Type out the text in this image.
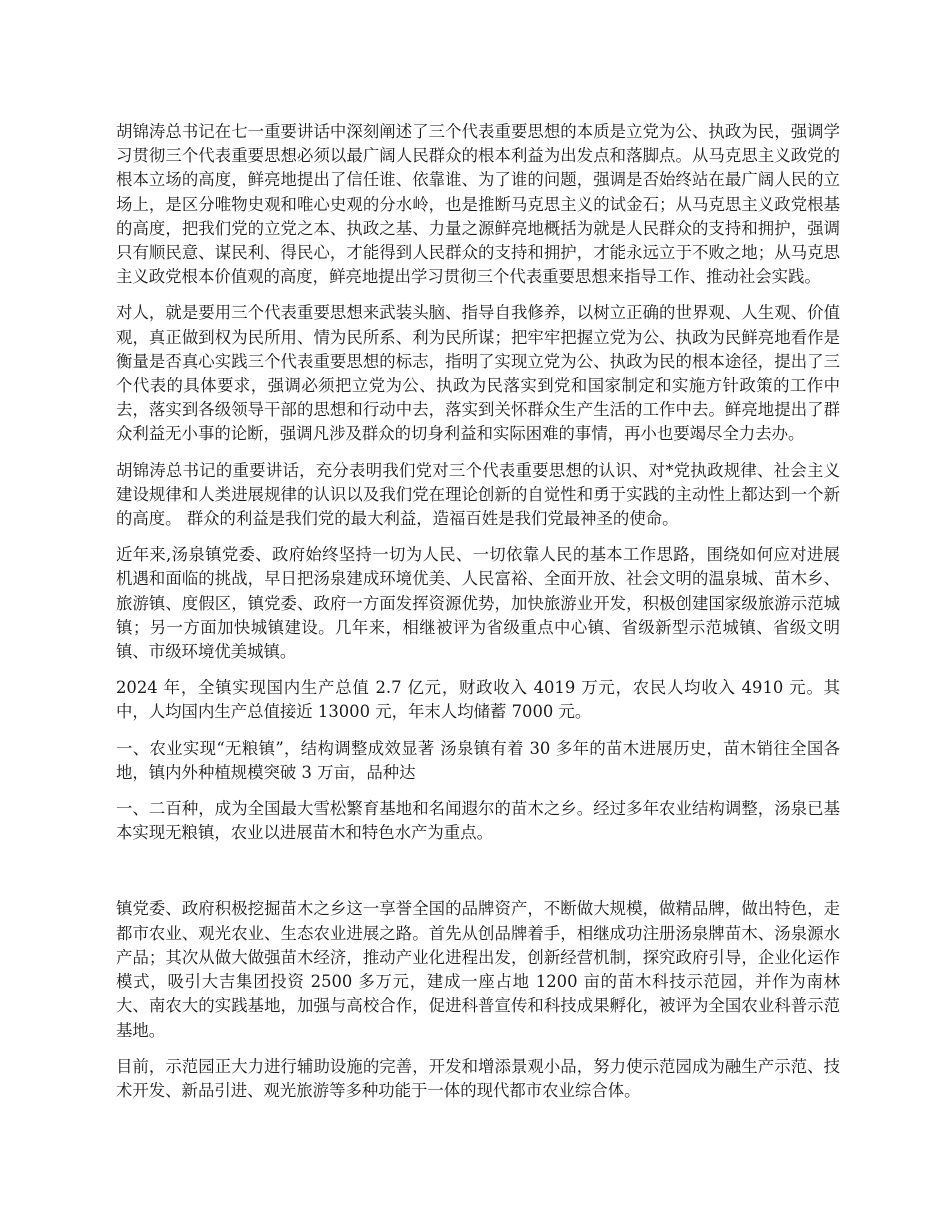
胡锦涛总书记在七一重要讲话中深刻阐述了三个代表重要思想的本质是立党为公、执政为民，强调学习贯彻三个代表重要思想必须以最广阔人民群众的根本利益为出发点和落脚点。从马克思主义政党的根本立场的高度，鲜亮地提出了信任谁、依靠谁、为了谁的问题，强调是否始终站在最广阔人民的立场上，是区分唯物史观和唯心史观的分水岭，也是推断马克思主义的试金石；从马克思主义政党根基的高度，把我们党的立党之本、执政之基、力量之源鲜亮地概括为就是人民群众的支持和拥护，强调只有顺民意、谋民利、得民心，才能得到人民群众的支持和拥护，才能永远立于不败之地；从马克思主义政党根本价值观的高度，鲜亮地提出学习贯彻三个代表重要思想来指导工作、推动社会实践。

对人，就是要用三个代表重要思想来武装头脑、指导自我修养，以树立正确的世界观、人生观、价值观，真正做到权为民所用、情为民所系、利为民所谋；把牢牢把握立党为公、执政为民鲜亮地看作是衡量是否真心实践三个代表重要思想的标志，指明了实现立党为公、执政为民的根本途径，提出了三个代表的具体要求，强调必须把立党为公、执政为民落实到党和国家制定和实施方针政策的工作中去，落实到各级领导干部的思想和行动中去，落实到关怀群众生产生活的工作中去。鲜亮地提出了群众利益无小事的论断，强调凡涉及群众的切身利益和实际困难的事情，再小也要竭尽全力去办。

胡锦涛总书记的重要讲话，充分表明我们党对三个代表重要思想的认识、对*党执政规律、社会主义建设规律和人类进展规律的认识以及我们党在理论创新的自觉性和勇于实践的主动性上都达到一个新的高度。 群众的利益是我们党的最大利益，造福百姓是我们党最神圣的使命。

近年来,汤泉镇党委、政府始终坚持一切为人民、一切依靠人民的基本工作思路，围绕如何应对进展机遇和面临的挑战，早日把汤泉建成环境优美、人民富裕、全面开放、社会文明的温泉城、苗木乡、旅游镇、度假区，镇党委、政府一方面发挥资源优势，加快旅游业开发，积极创建国家级旅游示范城镇；另一方面加快城镇建设。几年来，相继被评为省级重点中心镇、省级新型示范城镇、省级文明镇、市级环境优美城镇。

2024 年，全镇实现国内生产总值 2.7 亿元，财政收入 4019 万元，农民人均收入 4910 元。其中，人均国内生产总值接近 13000 元，年末人均储蓄 7000 元。

一、农业实现“无粮镇”，结构调整成效显著 汤泉镇有着 30 多年的苗木进展历史，苗木销往全国各地，镇内外种植规模突破 3 万亩，品种达

一、二百种，成为全国最大雪松繁育基地和名闻遐尔的苗木之乡。经过多年农业结构调整，汤泉已基本实现无粮镇，农业以进展苗木和特色水产为重点。

镇党委、政府积极挖掘苗木之乡这一享誉全国的品牌资产，不断做大规模，做精品牌，做出特色，走都市农业、观光农业、生态农业进展之路。首先从创品牌着手，相继成功注册汤泉牌苗木、汤泉源水产品；其次从做大做强苗木经济，推动产业化进程出发，创新经营机制，探究政府引导，企业化运作模式，吸引大吉集团投资 2500 多万元，建成一座占地 1200 亩的苗木科技示范园，并作为南林大、南农大的实践基地，加强与高校合作，促进科普宣传和科技成果孵化，被评为全国农业科普示范基地。

目前，示范园正大力进行辅助设施的完善，开发和增添景观小品，努力使示范园成为融生产示范、技术开发、新品引进、观光旅游等多种功能于一体的现代都市农业综合体。
